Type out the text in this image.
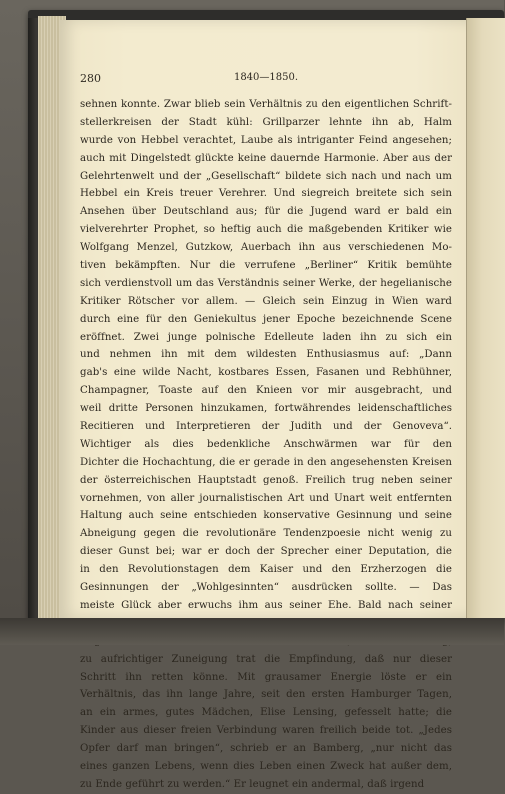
280	1840—1850.
sehnen konnte. Zwar blieb sein Verhältnis zu den eigentlichen Schrift-
stellerkreisen der Stadt kühl: Grillparzer lehnte ihn ab, Halm
wurde von Hebbel verachtet, Laube als intriganter Feind angesehen;
auch mit Dingelstedt glückte keine dauernde Harmonie. Aber aus der
Gelehrtenwelt und der „Gesellschaft“ bildete sich nach und nach um
Hebbel ein Kreis treuer Verehrer. Und siegreich breitete sich sein
Ansehen über Deutschland aus; für die Jugend ward er bald ein
vielverehrter Prophet, so heftig auch die maßgebenden Kritiker wie
Wolfgang Menzel, Gutzkow, Auerbach ihn aus verschiedenen Mo-
tiven bekämpften. Nur die verrufene „Berliner“ Kritik bemühte
sich verdienstvoll um das Verständnis seiner Werke, der hegelianische
Kritiker Rötscher vor allem. — Gleich sein Einzug in Wien ward
durch eine für den Geniekultus jener Epoche bezeichnende Scene
eröffnet. Zwei junge polnische Edelleute laden ihn zu sich ein
und nehmen ihn mit dem wildesten Enthusiasmus auf: „Dann
gab's eine wilde Nacht, kostbares Essen, Fasanen und Rebhühner,
Champagner, Toaste auf den Knieen vor mir ausgebracht, und
weil dritte Personen hinzukamen, fortwährendes leidenschaftliches
Recitieren und Interpretieren der Judith und der Genoveva“.
Wichtiger als dies bedenkliche Anschwärmen war für den
Dichter die Hochachtung, die er gerade in den angesehensten Kreisen
der österreichischen Hauptstadt genoß. Freilich trug neben seiner
vornehmen, von aller journalistischen Art und Unart weit entfernten
Haltung auch seine entschieden konservative Gesinnung und seine
Abneigung gegen die revolutionäre Tendenzpoesie nicht wenig zu
dieser Gunst bei; war er doch der Sprecher einer Deputation, die
in den Revolutionstagen dem Kaiser und den Erzherzogen die
Gesinnungen der „Wohlgesinnten“ ausdrücken sollte. — Das
meiste Glück aber erwuchs ihm aus seiner Ehe. Bald nach seiner
zu aufrichtiger Zuneigung trat die Empfindung, daß nur dieser
Schritt ihn retten könne. Mit grausamer Energie löste er ein
Verhältnis, das ihn lange Jahre, seit den ersten Hamburger Tagen,
an ein armes, gutes Mädchen, Elise Lensing, gefesselt hatte; die
Kinder aus dieser freien Verbindung waren freilich beide tot. „Jedes
Opfer darf man bringen“, schrieb er an Bamberg, „nur nicht das
eines ganzen Lebens, wenn dies Leben einen Zweck hat außer dem,
zu Ende geführt zu werden.“ Er leugnet ein andermal, daß irgend
